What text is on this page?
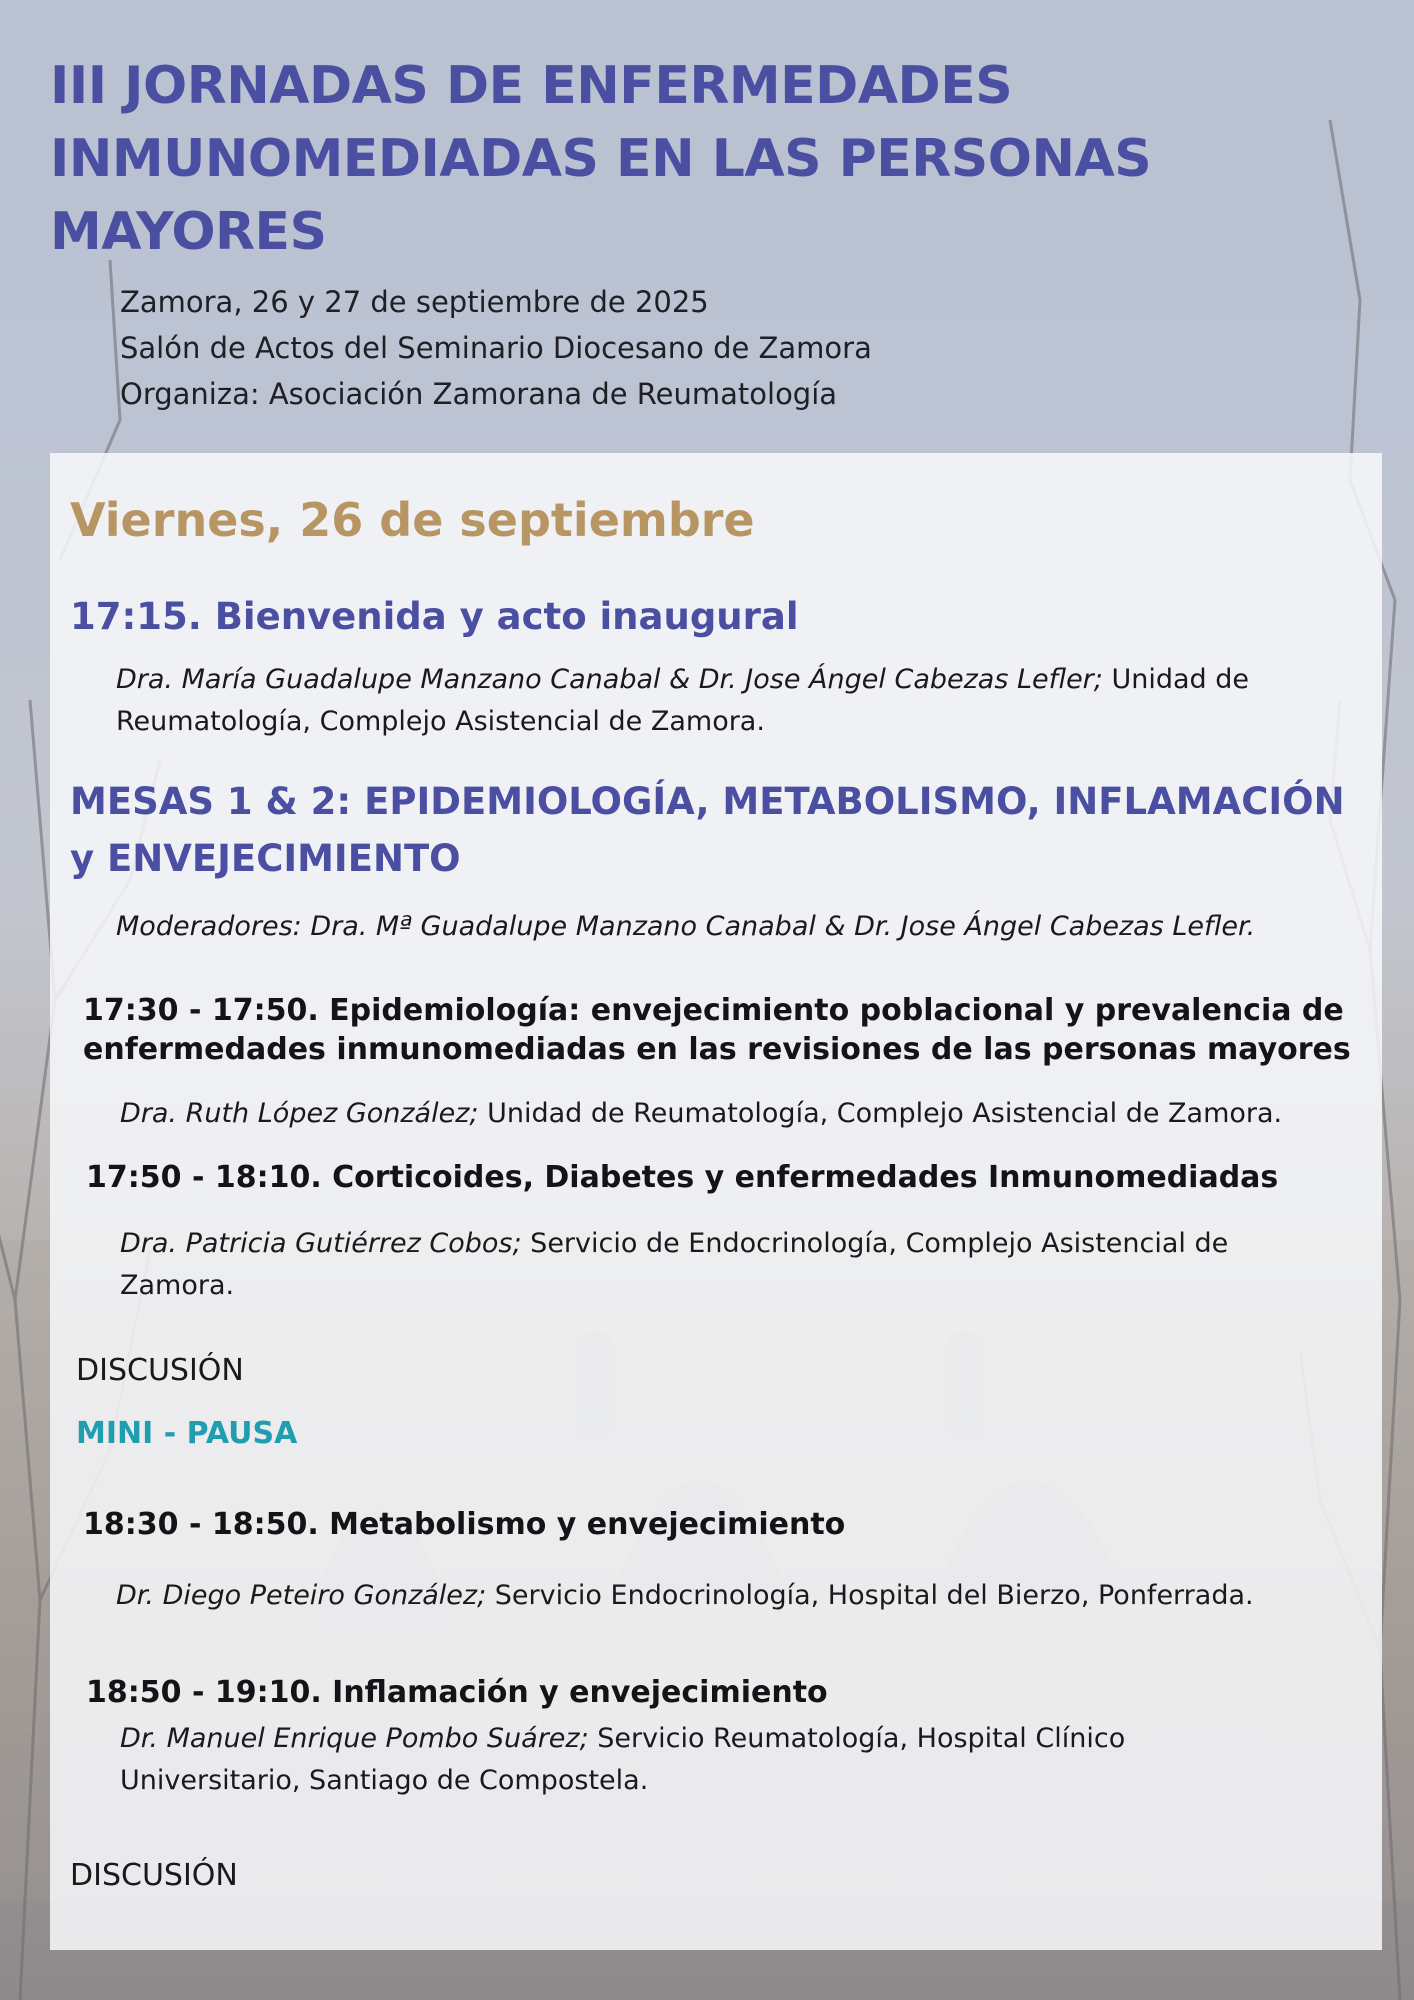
III JORNADAS DE ENFERMEDADES INMUNOMEDIADAS EN LAS PERSONAS MAYORES
Zamora, 26 y 27 de septiembre de 2025
Salón de Actos del Seminario Diocesano de Zamora
Organiza: Asociación Zamorana de Reumatología
Viernes, 26 de septiembre
17:15. Bienvenida y acto inaugural
Dra. María Guadalupe Manzano Canabal & Dr. Jose Ángel Cabezas Lefler; Unidad de Reumatología, Complejo Asistencial de Zamora.
MESAS 1 & 2: EPIDEMIOLOGÍA, METABOLISMO, INFLAMACIÓN y ENVEJECIMIENTO
Moderadores: Dra. Mª Guadalupe Manzano Canabal & Dr. Jose Ángel Cabezas Lefler.
17:30 - 17:50. Epidemiología: envejecimiento poblacional y prevalencia de enfermedades inmunomediadas en las revisiones de las personas mayores
Dra. Ruth López González; Unidad de Reumatología, Complejo Asistencial de Zamora.
17:50 - 18:10. Corticoides, Diabetes y enfermedades Inmunomediadas
Dra. Patricia Gutiérrez Cobos; Servicio de Endocrinología, Complejo Asistencial de Zamora.
DISCUSIÓN
MINI - PAUSA
18:30 - 18:50. Metabolismo y envejecimiento
Dr. Diego Peteiro González; Servicio Endocrinología, Hospital del Bierzo, Ponferrada.
18:50 - 19:10. Inflamación y envejecimiento
Dr. Manuel Enrique Pombo Suárez; Servicio Reumatología, Hospital Clínico Universitario, Santiago de Compostela.
DISCUSIÓN
